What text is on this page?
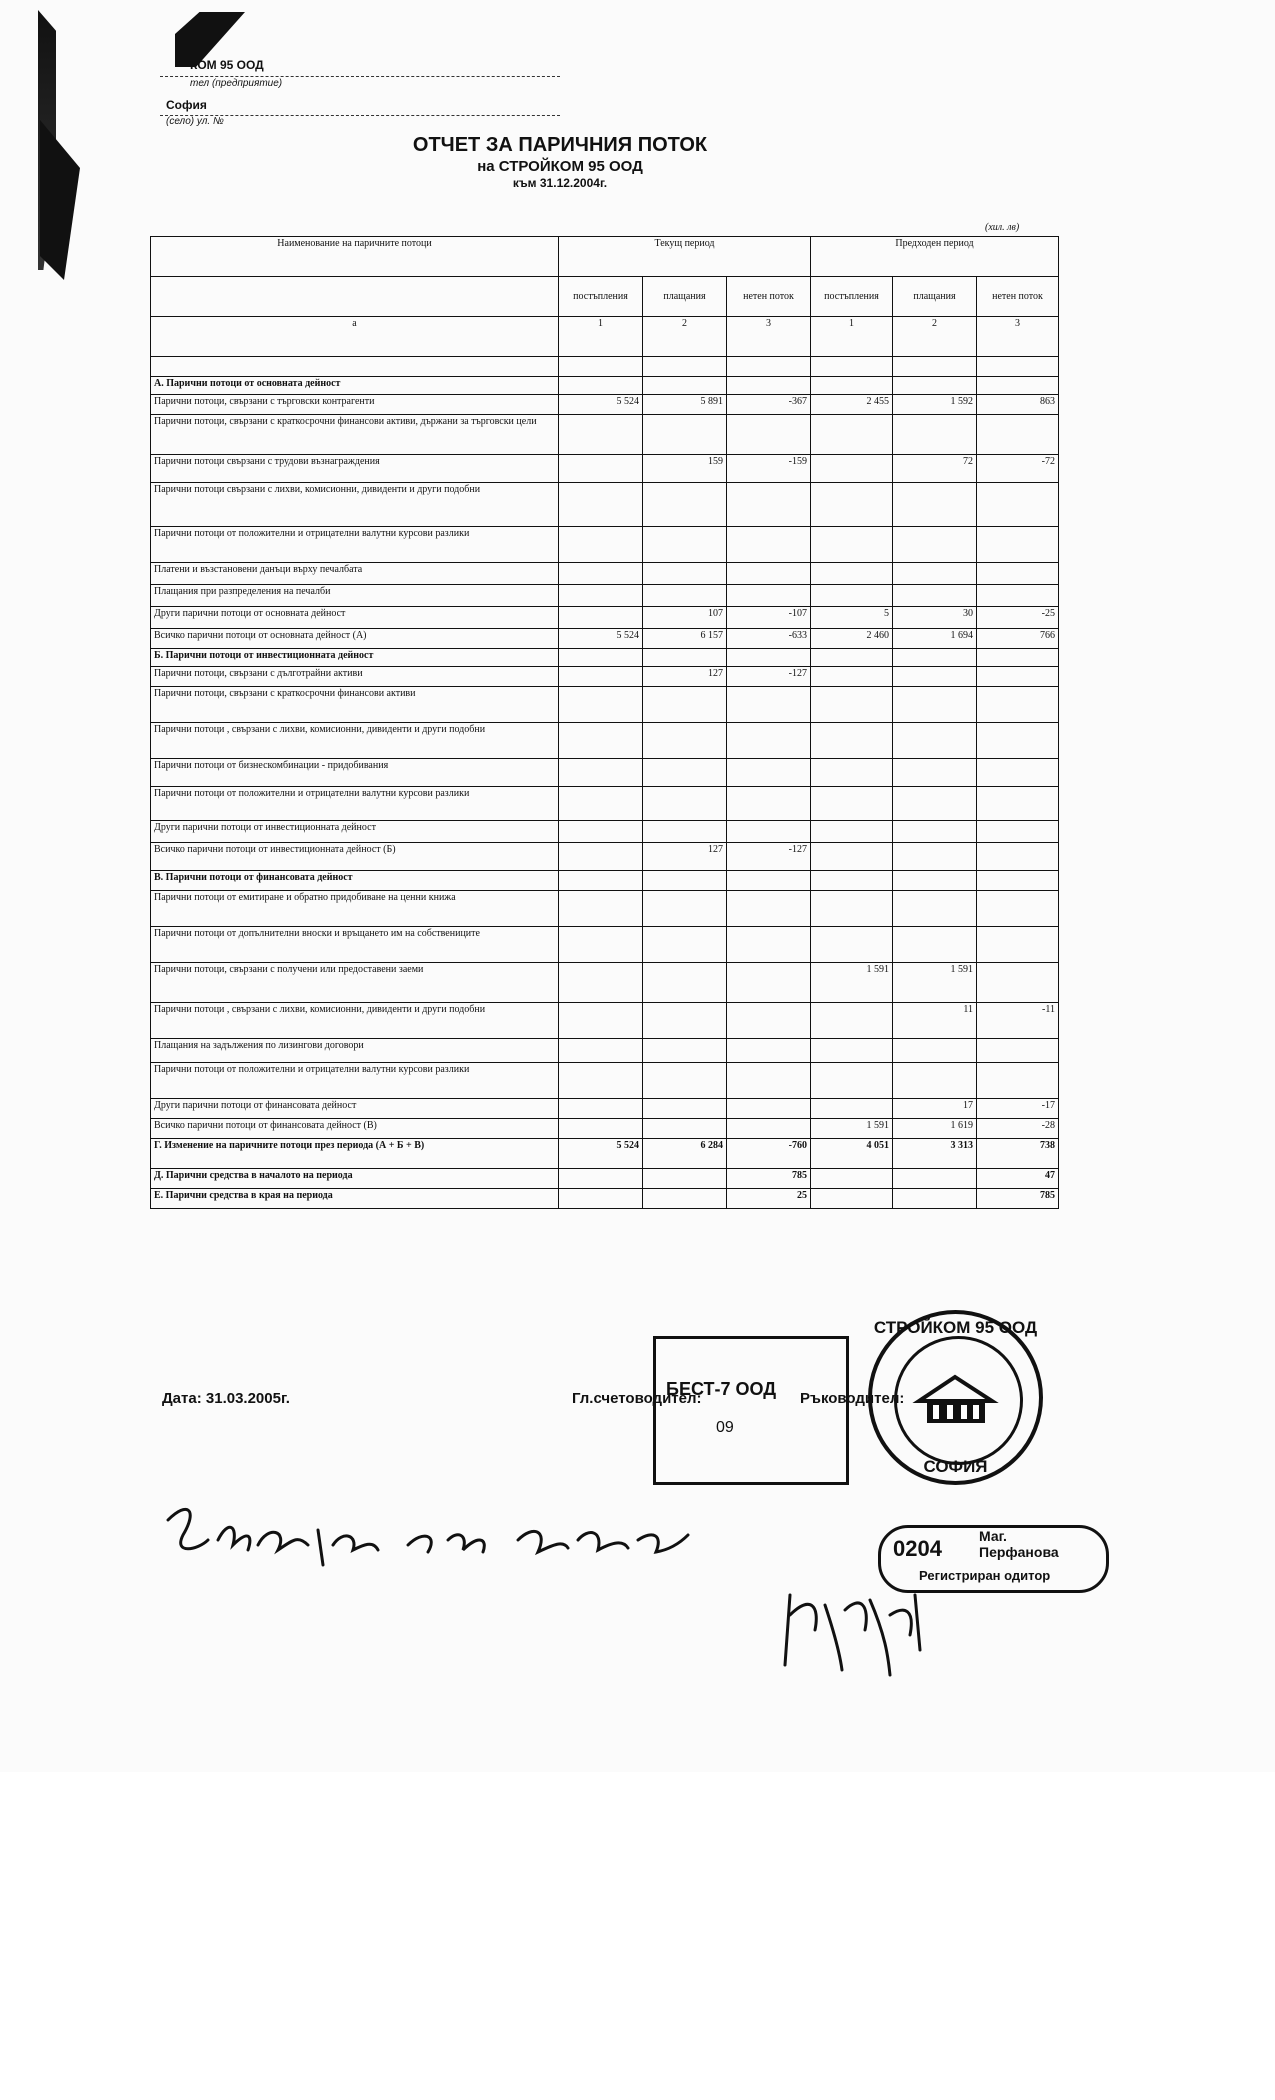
КОМ 95 ООД
тел (предприятие)
София
(село) ул. №
ОТЧЕТ ЗА ПАРИЧНИЯ ПОТОК
на СТРОЙКОМ 95 ООД
към 31.12.2004г.
(хил. лв)
Наименование на паричните потоци	Текущ период			Предходен период		
	постъпления	плащания	нетен поток	постъпления	плащания	нетен поток
а	1	2	3	1	2	3

А. Парични потоци от основната дейност						
Парични потоци, свързани с търговски контрагенти	5 524	5 891	-367	2 455	1 592	863
Парични потоци, свързани с краткосрочни финансови активи, държани за търговски цели						
Парични потоци свързани с трудови възнаграждения		159	-159		72	-72
Парични потоци свързани с лихви, комисионни, дивиденти и други подобни						
Парични потоци от положителни и отрицателни валутни курсови разлики						
Платени и възстановени данъци върху печалбата						
Плащания при разпределения на печалби						
Други парични потоци от основната дейност		107	-107	5	30	-25
Всичко парични потоци от основната дейност (А)	5 524	6 157	-633	2 460	1 694	766
Б. Парични потоци от инвестиционната дейност						
Парични потоци, свързани с дълготрайни активи		127	-127			
Парични потоци, свързани с краткосрочни финансови активи						
Парични потоци , свързани с лихви, комисионни, дивиденти и други подобни						
Парични потоци от бизнескомбинации - придобивания						
Парични потоци от положителни и отрицателни валутни курсови разлики						
Други парични потоци от инвестиционната дейност						
Всичко парични потоци от инвестиционната дейност (Б)		127	-127			
В. Парични потоци от финансовата дейност						
Парични потоци от емитиране и обратно придобиване на ценни книжа						
Парични потоци от допълнителни вноски и връщането им на собствениците						
Парични потоци, свързани с получени или предоставени заеми				1 591	1 591	
Парични потоци , свързани с лихви, комисионни, дивиденти и други подобни					11	-11
Плащания на задължения по лизингови договори						
Парични потоци от положителни и отрицателни валутни курсови разлики						
Други парични потоци от финансовата дейност					17	-17
Всичко парични потоци от финансовата дейност (В)				1 591	1 619	-28
Г. Изменение на паричните потоци през периода (А + Б + В)	5 524	6 284	-760	4 051	3 313	738
Д. Парични средства в началото на периода			785			47
Е. Парични средства в края на периода			25			785
Дата: 31.03.2005г.	Гл.счетоводител:	Ръководител:
БЕСТ-7 ООД
09
СТРОЙКОМ 95 ООД
СОФИЯ
0204	Маг.
Перфанова
Регистриран одитор
